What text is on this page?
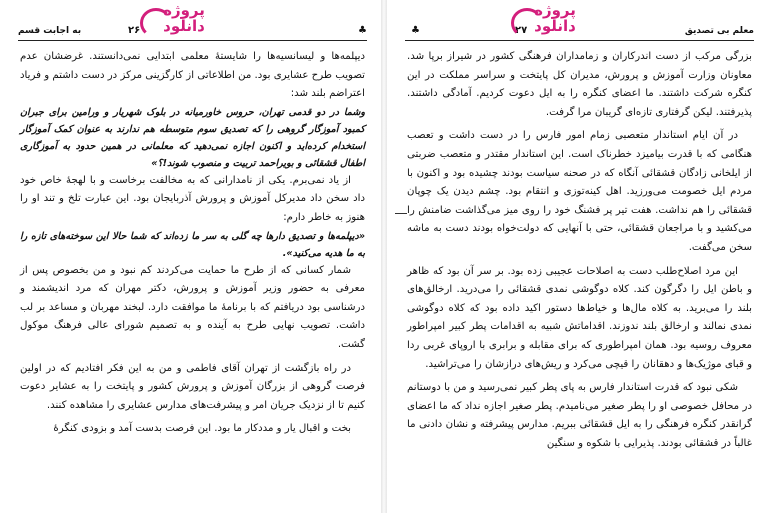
به اجابت قسم	۲۶	♣
پروژه
دانلود

دیپلمه‌ها و لیسانسیه‌ها را شایستهٔ معلمی ابتدایی نمی‌دانستند. غرضشان عدم تصویب طرح عشایری بود. من اطلاعاتی از کارگزینی مرکز در دست داشتم و فریاد اعتراضم بلند شد:

وشما در دو قدمی تهران، حروس خاورمیانه در بلوک شهریار و ورامین برای جبران کمبود آموزگار گروهی را که تصدیق سوم متوسطه هم ندارند به عنوان کمک آموزگار استخدام کرده‌اید و اکنون اجازه نمی‌دهید که معلمانی در همین حدود به آموزگاری اطفال قشقائی و بویراحمد تربیت و منصوب شوند!؟»

از یاد نمی‌برم. یکی از نامدارانی که به مخالفت برخاست و با لهجهٔ خاص خود داد سخن داد مدیرکل آموزش و پرورش آذربایجان بود. این عبارت تلخ و تند او را هنوز به خاطر دارم:

«دیپلمه‌ها و تصدیق دارها چه گلی به سر ما زده‌اند که شما حالا این سوخته‌های تازه را به ما هدیه می‌کنید».

شمار کسانی که از طرح ما حمایت می‌کردند کم نبود و من بخصوص پس از معرفی به حضور وزیر آموزش و پرورش، دکتر مهران که مرد اندیشمند و درشناسی بود دریافتم که با برنامهٔ ما موافقت دارد. لبخند مهربان و مساعد بر لب داشت. تصویب نهایی طرح به آینده و به تصمیم شورای عالی فرهنگ موکول گشت.

در راه بازگشت از تهران آقای فاطمی و من به این فکر افتادیم که در اولین فرصت گروهی از بزرگان آموزش و پرورش کشور و پایتخت را به عشایر دعوت کنیم تا از نزدیک جریان امر و پیشرفت‌های مدارس عشایری را مشاهده کنند.

بخت و اقبال یار و مددکار ما بود. این فرصت بدست آمد و بزودی کنگرهٔ

معلم بی تصدیق
۲۷
♣
پروژه
دانلود

بزرگی مرکب از دست اندرکاران و زمامداران فرهنگی کشور در شیراز برپا شد. معاونان وزارت آموزش و پرورش، مدیران کل پایتخت و سراسر مملکت در این کنگره شرکت داشتند. ما اعضای کنگره را به ایل دعوت کردیم. آمادگی داشتند. پذیرفتند. لیکن گرفتاری تازه‌ای گریبان مرا گرفت.

در آن ایام استاندار متعصبی زمام امور فارس را در دست داشت و تعصب هنگامی که با قدرت بیامیزد خطرناک است. این استاندار مقتدر و متعصب ضربتی از ایلخانی زادگان قشقائی آنگاه که در صحنه سیاست بودند چشیده بود و اکنون با مردم ایل خصومت می‌ورزید. اهل کینه‌توزی و انتقام بود. چشم دیدن یک چوپان قشقائی را هم نداشت. هفت تیر پر فشنگ خود را روی میز می‌گذاشت ضامنش را می‌کشید و با مراجعان قشقائی، حتی با آنهایی که دولت‌خواه بودند دست به ماشه سخن می‌گفت.

این مرد اصلاح‌طلب دست به اصلاحات عجیبی زده بود. بر سر آن بود که ظاهر و باطن ایل را دگرگون کند. کلاه دوگوشی نمدی قشقائی را می‌درید. ارخالق‌های بلند را می‌برید. به کلاه مال‌ها و خیاط‌ها دستور اکید داده بود که کلاه دوگوشی نمدی نمالند و ارخالق بلند ندوزند. اقداماتش شبیه به اقدامات پطر کبیر امپراطور معروف روسیه بود. همان امپراطوری که برای مقابله و برابری با اروپای غربی ردا و قبای موژیک‌ها و دهقانان را قیچی می‌کرد و ریش‌های درازشان را می‌تراشید.

شکی نبود که قدرت استاندار فارس به پای پطر کبیر نمی‌رسید و من با دوستانم در محافل خصوصی او را پطر صغیر می‌نامیدم. پطر صغیر اجازه نداد که ما اعضای گرانقدر کنگره فرهنگی را به ایل قشقائی ببریم. مدارس پیشرفته و نشان دادنی ما غالباً در قشقائی بودند. پذیرایی با شکوه و سنگین
